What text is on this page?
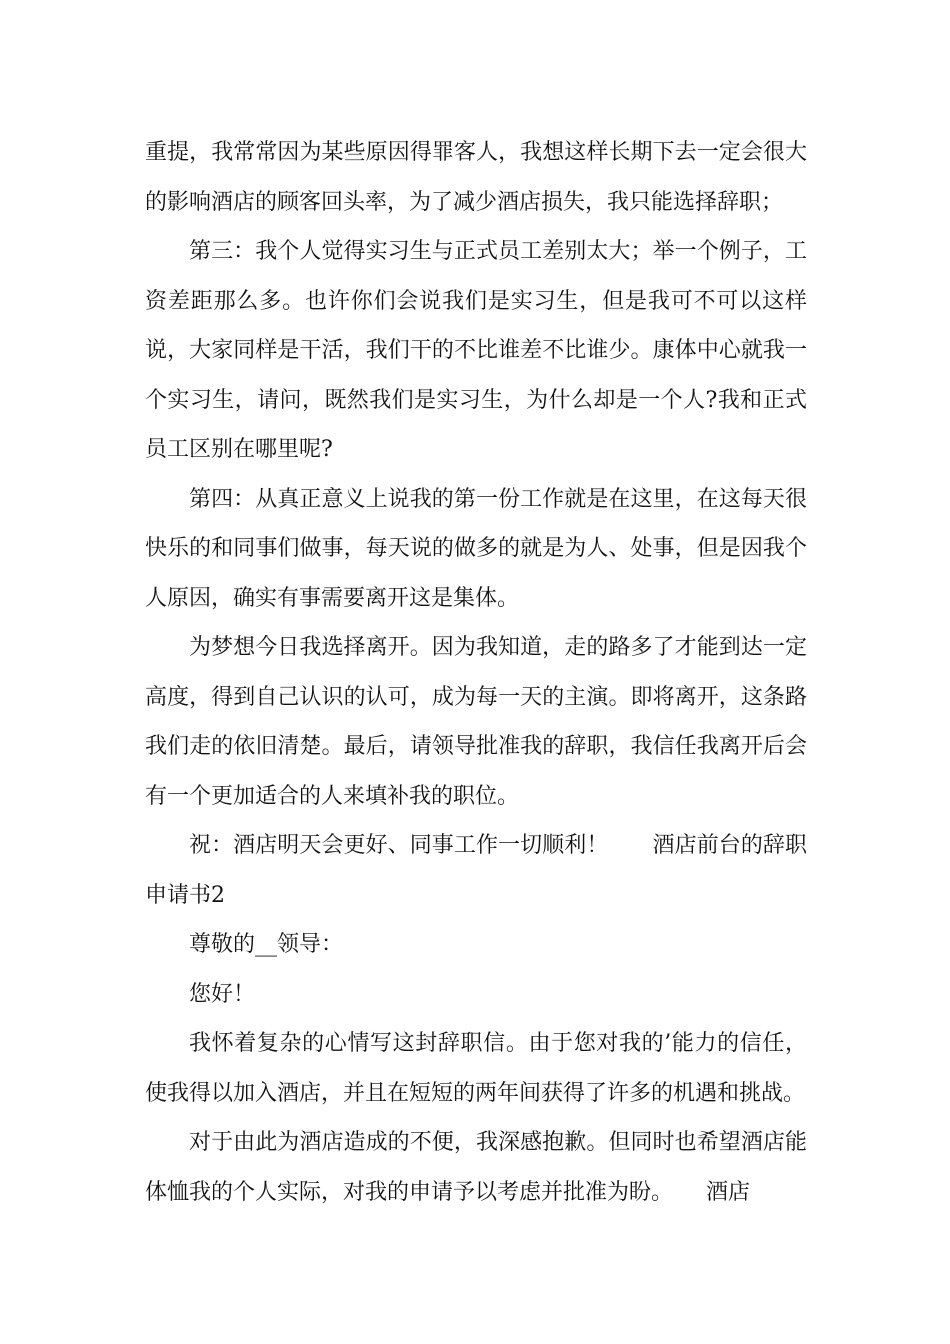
重提，我常常因为某些原因得罪客人，我想这样长期下去一定会很大的影响酒店的顾客回头率，为了减少酒店损失，我只能选择辞职；

第三：我个人觉得实习生与正式员工差别太大；举一个例子，工资差距那么多。也许你们会说我们是实习生，但是我可不可以这样说，大家同样是干活，我们干的不比谁差不比谁少。康体中心就我一个实习生，请问，既然我们是实习生，为什么却是一个人?我和正式员工区别在哪里呢?

第四：从真正意义上说我的第一份工作就是在这里，在这每天很快乐的和同事们做事，每天说的做多的就是为人、处事，但是因我个人原因，确实有事需要离开这是集体。

为梦想今日我选择离开。因为我知道，走的路多了才能到达一定高度，得到自己认识的认可，成为每一天的主演。即将离开，这条路我们走的依旧清楚。最后，请领导批准我的辞职，我信任我离开后会有一个更加适合的人来填补我的职位。

祝：酒店明天会更好、同事工作一切顺利！　　酒店前台的辞职申请书2

尊敬的__领导：

您好！

我怀着复杂的心情写这封辞职信。由于您对我的’能力的信任，使我得以加入酒店，并且在短短的两年间获得了许多的机遇和挑战。

对于由此为酒店造成的不便，我深感抱歉。但同时也希望酒店能体恤我的个人实际，对我的申请予以考虑并批准为盼。　　酒店
